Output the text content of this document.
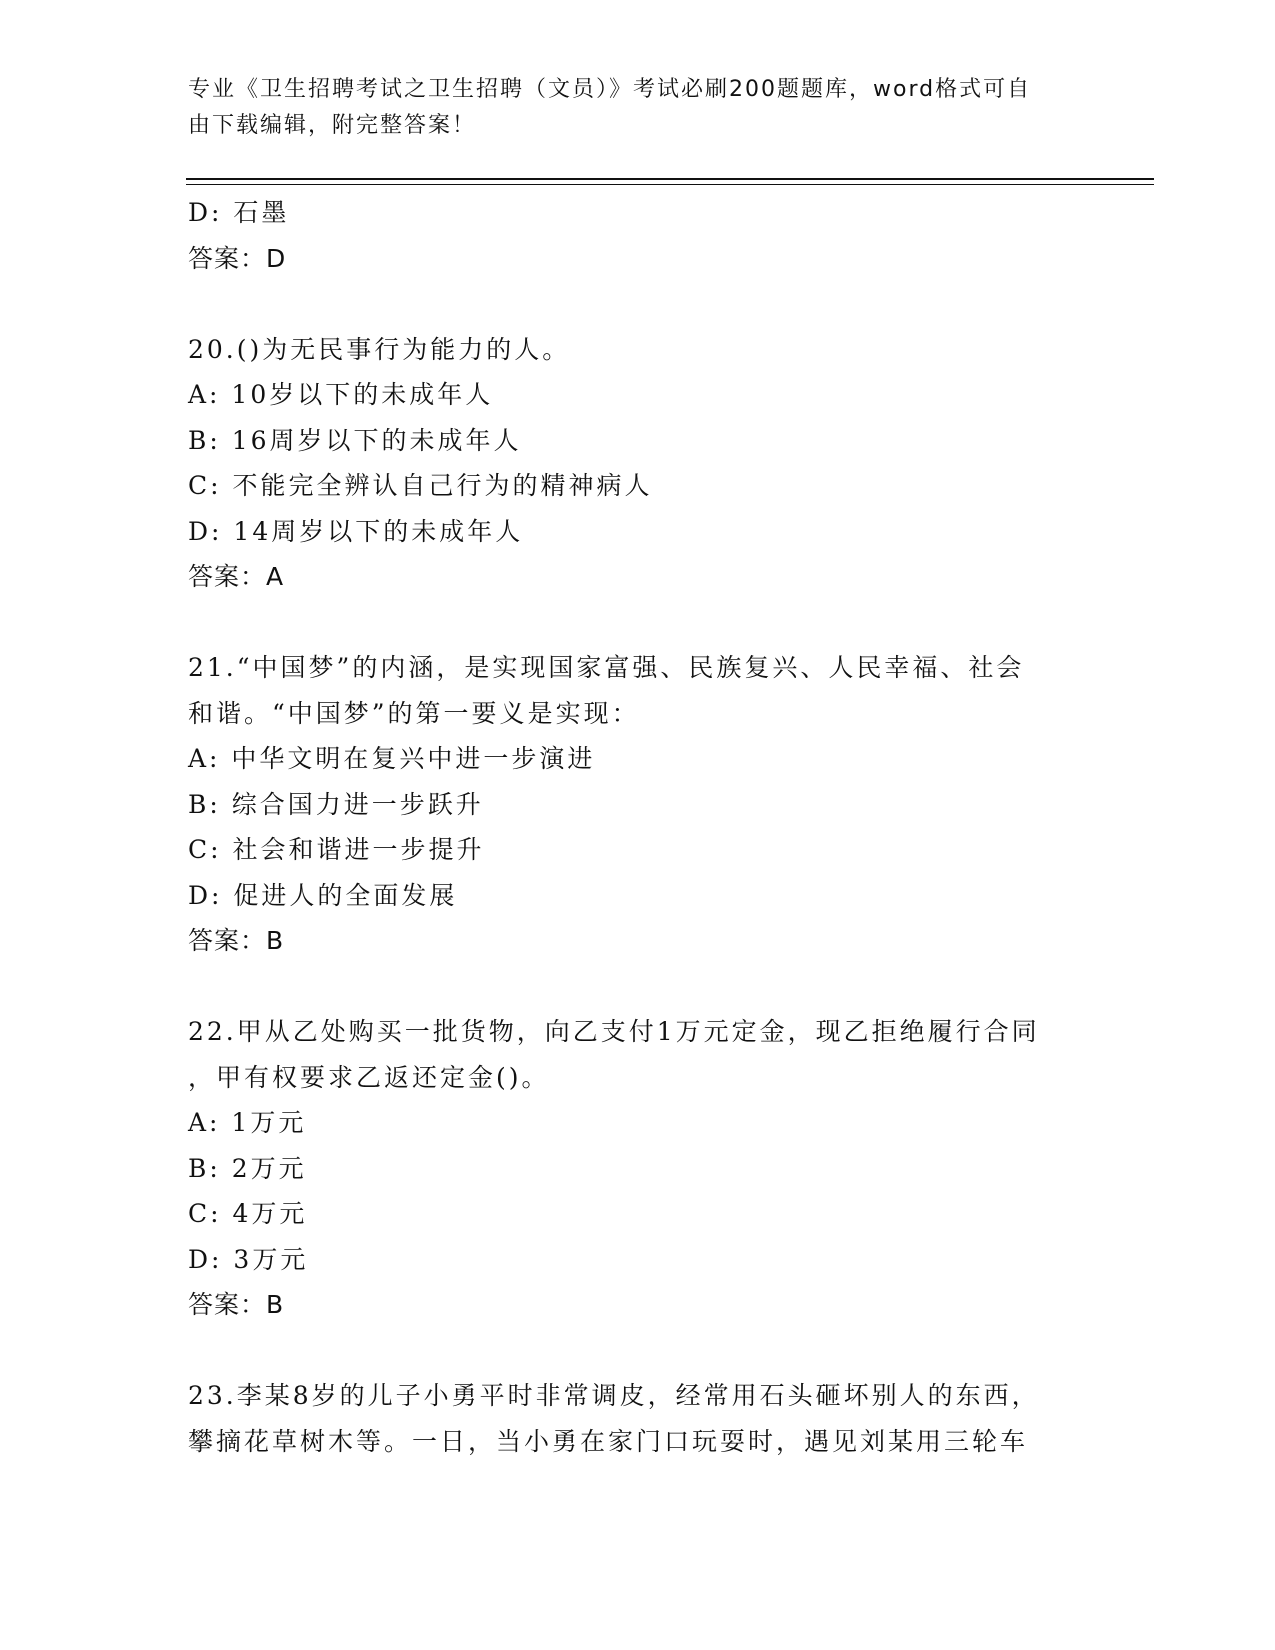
专业《卫生招聘考试之卫生招聘（文员）》考试必刷200题题库，word格式可自
由下载编辑，附完整答案！
D: 石墨
答案：D
20.()为无民事行为能力的人。
A: 10岁以下的未成年人
B: 16周岁以下的未成年人
C: 不能完全辨认自己行为的精神病人
D: 14周岁以下的未成年人
答案：A
21.“中国梦”的内涵，是实现国家富强、民族复兴、人民幸福、社会
和谐。“中国梦”的第一要义是实现：
A: 中华文明在复兴中进一步演进
B: 综合国力进一步跃升
C: 社会和谐进一步提升
D: 促进人的全面发展
答案：B
22.甲从乙处购买一批货物，向乙支付1万元定金，现乙拒绝履行合同
，甲有权要求乙返还定金()。
A: 1万元
B: 2万元
C: 4万元
D: 3万元
答案：B
23.李某8岁的儿子小勇平时非常调皮，经常用石头砸坏别人的东西，
攀摘花草树木等。一日，当小勇在家门口玩耍时，遇见刘某用三轮车
